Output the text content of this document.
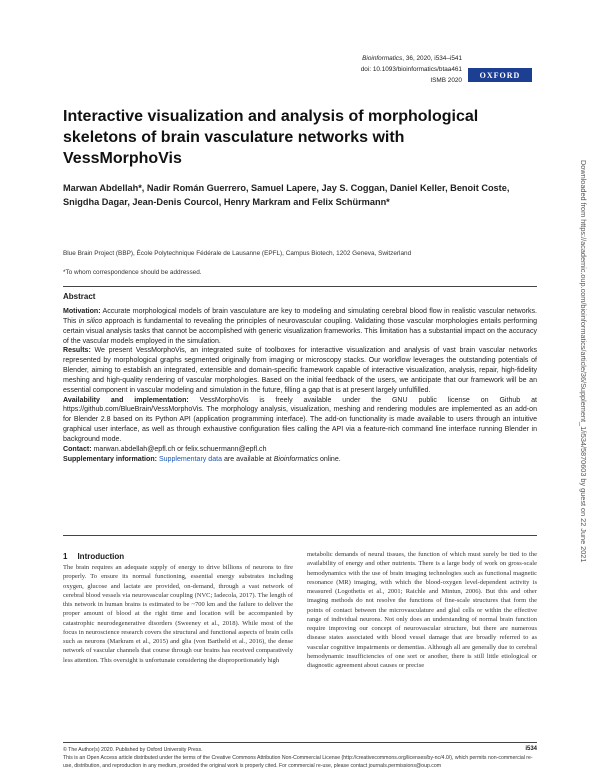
Bioinformatics, 36, 2020, i534–i541
doi: 10.1093/bioinformatics/btaa461
ISMB 2020
OXFORD
Interactive visualization and analysis of morphological skeletons of brain vasculature networks with VessMorphoVis
Marwan Abdellah*, Nadir Román Guerrero, Samuel Lapere, Jay S. Coggan, Daniel Keller, Benoit Coste, Snigdha Dagar, Jean-Denis Courcol, Henry Markram and Felix Schürmann*
Blue Brain Project (BBP), École Polytechnique Fédérale de Lausanne (EPFL), Campus Biotech, 1202 Geneva, Switzerland
*To whom correspondence should be addressed.
Abstract

Motivation: Accurate morphological models of brain vasculature are key to modeling and simulating cerebral blood flow in realistic vascular networks. This in silico approach is fundamental to revealing the principles of neurovascular coupling. Validating those vascular morphologies entails performing certain visual analysis tasks that cannot be accomplished with generic visualization frameworks. This limitation has a substantial impact on the accuracy of the vascular models employed in the simulation.

Results: We present VessMorphoVis, an integrated suite of toolboxes for interactive visualization and analysis of vast brain vascular networks represented by morphological graphs segmented originally from imaging or microscopy stacks. Our workflow leverages the outstanding potentials of Blender, aiming to establish an integrated, extensible and domain-specific framework capable of interactive visualization, analysis, repair, high-fidelity meshing and high-quality rendering of vascular morphologies. Based on the initial feedback of the users, we anticipate that our framework will be an essential component in vascular modeling and simulation in the future, filling a gap that is at present largely unfulfilled.

Availability and implementation: VessMorphoVis is freely available under the GNU public license on Github at https://github.com/BlueBrain/VessMorphoVis. The morphology analysis, visualization, meshing and rendering modules are implemented as an add-on for Blender 2.8 based on its Python API (application programming interface). The add-on functionality is made available to users through an intuitive graphical user interface, as well as through exhaustive configuration files calling the API via a feature-rich command line interface running Blender in background mode.

Contact: marwan.abdellah@epfl.ch or felix.schuermann@epfl.ch

Supplementary information: Supplementary data are available at Bioinformatics online.

1 Introduction
The brain requires an adequate supply of energy to drive billions of neurons to fire properly. To ensure its normal functioning, essential energy substrates including oxygen, glucose and lactate are provided, on-demand, through a vast network of cerebral blood vessels via neurovascular coupling (NVC; Iadecola, 2017). The length of this network in human brains is estimated to be ~700 km and the failure to deliver the proper amount of blood at the right time and location will be accompanied by catastrophic neurodegenerative disorders (Sweeney et al., 2018). While most of the focus in neuroscience research covers the structural and functional aspects of brain cells such as neurons (Markram et al., 2015) and glia (von Bartheld et al., 2016), the dense network of vascular channels that course through our brains has received comparatively less attention. This oversight is unfortunate considering the disproportionately high
metabolic demands of neural tissues, the function of which must surely be tied to the availability of energy and other nutrients. There is a large body of work on gross-scale hemodynamics with the use of brain imaging technologies such as functional magnetic resonance (MR) imaging, with which the blood-oxygen level-dependent activity is measured (Logothetis et al., 2001; Raichle and Mintun, 2006). But this and other imaging methods do not resolve the functions of fine-scale structures that form the points of contact between the microvasculature and glial cells or within the effective range of individual neurons. Not only does an understanding of normal brain function require improving our concept of neurovascular structure, but there are numerous disease states associated with blood vessel damage that are broadly referred to as vascular cognitive impairments or dementias. Although all are generally due to cerebral hemodynamic insufficiencies of one sort or another, there is still little etiological or diagnostic agreement about causes or precise
© The Author(s) 2020. Published by Oxford University Press.
This is an Open Access article distributed under the terms of the Creative Commons Attribution Non-Commercial License (http://creativecommons.org/licenses/by-nc/4.0/), which permits non-commercial re-use, distribution, and reproduction in any medium, provided the original work is properly cited. For commercial re-use, please contact journals.permissions@oup.com
i534
Downloaded from https://academic.oup.com/bioinformatics/article/36/Supplement_1/i534/5870603 by guest on 22 June 2021
